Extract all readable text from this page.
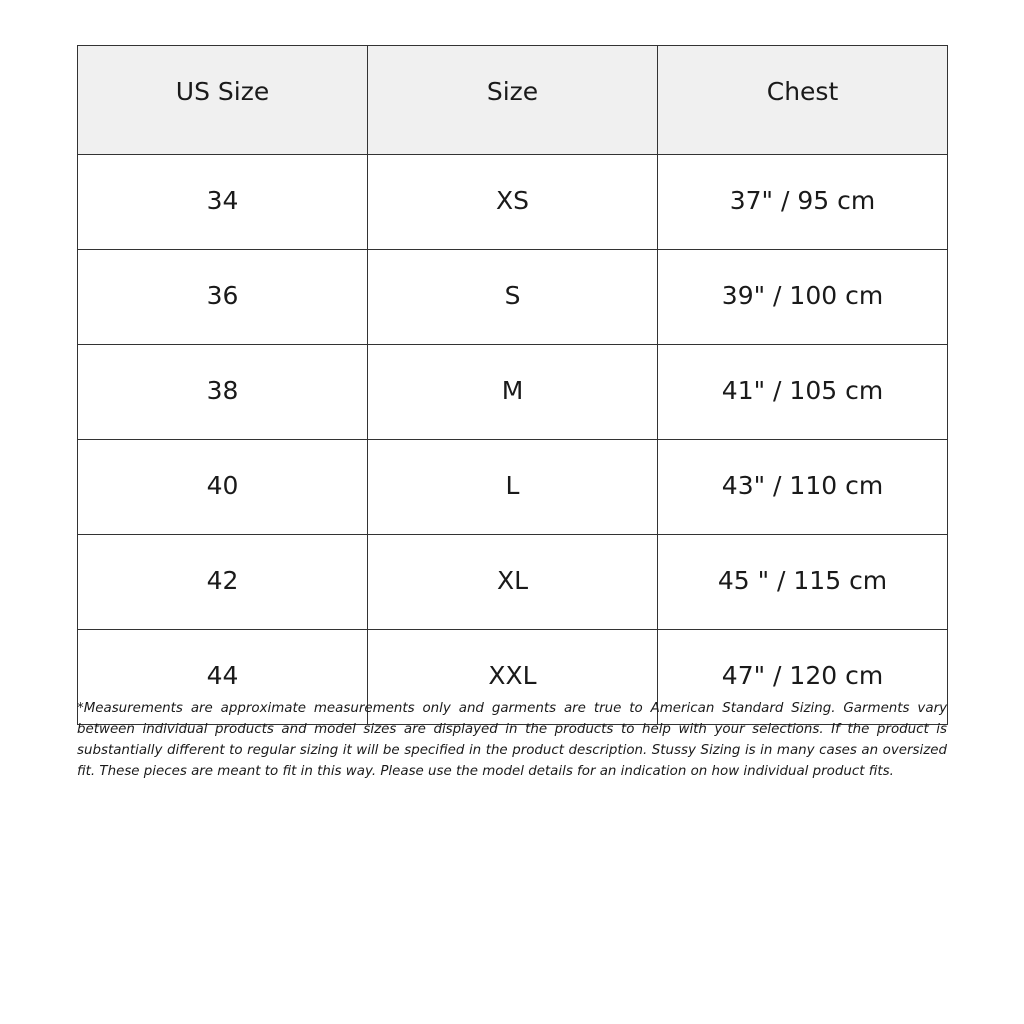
US Size	Size	Chest
34	XS	37" / 95 cm
36	S	39" / 100 cm
38	M	41" / 105 cm
40	L	43" / 110 cm
42	XL	45 " / 115 cm
44	XXL	47" / 120 cm

*Measurements are approximate measurements only and garments are true to American Standard Sizing. Garments vary between individual products and model sizes are displayed in the products to help with your selections. If the product is substantially different to regular sizing it will be specified in the product description. Stussy Sizing is in many cases an oversized fit. These pieces are meant to fit in this way. Please use the model details for an indication on how individual product fits.
